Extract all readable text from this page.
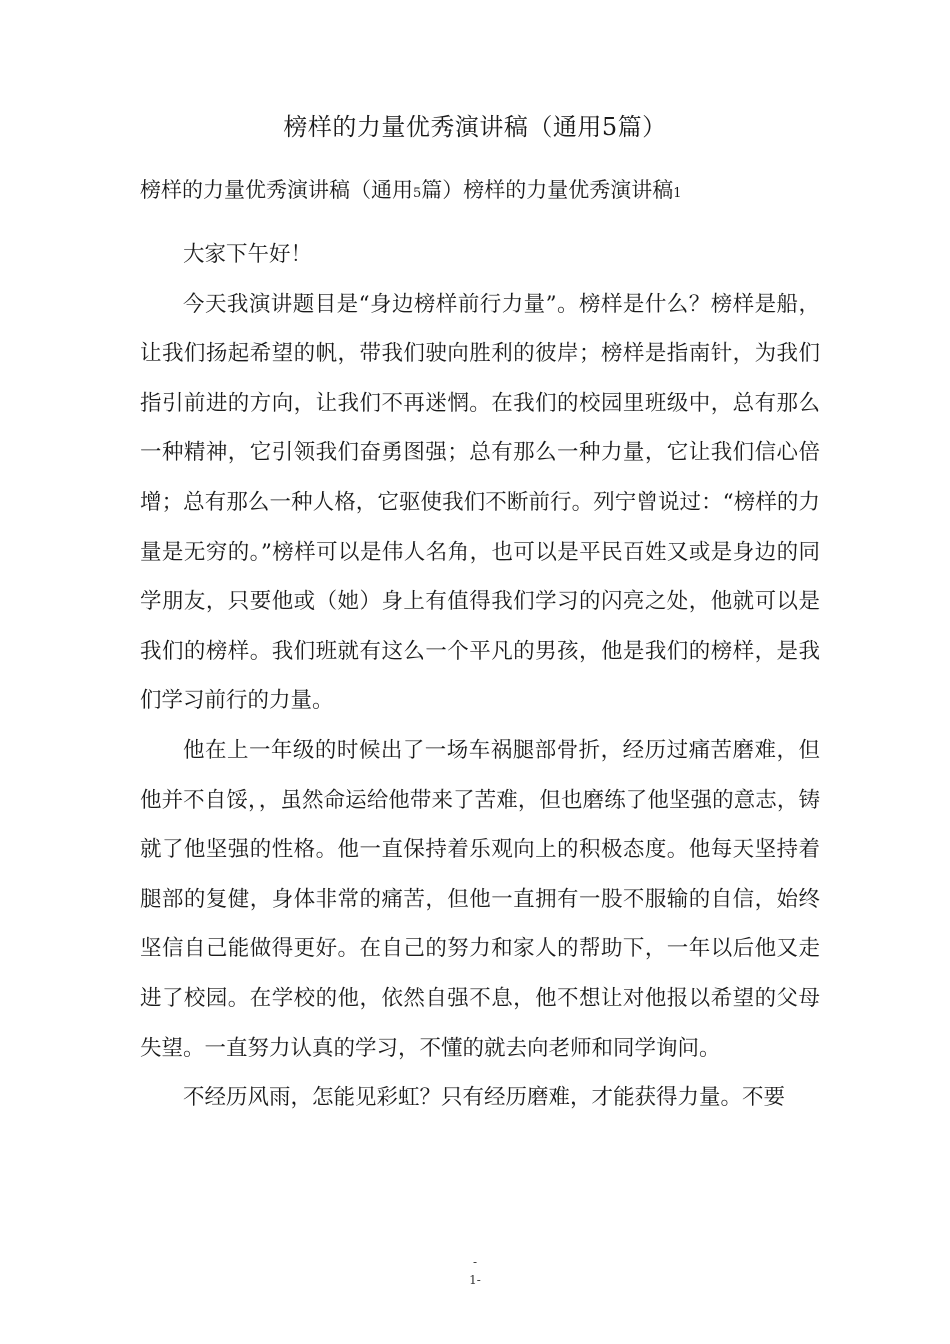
榜样的力量优秀演讲稿（通用5篇）
榜样的力量优秀演讲稿（通用5篇）榜样的力量优秀演讲稿1

大家下午好！

今天我演讲题目是“身边榜样前行力量”。榜样是什么？榜样是船，让我们扬起希望的帆，带我们驶向胜利的彼岸；榜样是指南针，为我们指引前进的方向，让我们不再迷惘。在我们的校园里班级中，总有那么一种精神，它引领我们奋勇图强；总有那么一种力量，它让我们信心倍增；总有那么一种人格，它驱使我们不断前行。列宁曾说过：“榜样的力量是无穷的。”榜样可以是伟人名角，也可以是平民百姓又或是身边的同学朋友，只要他或（她）身上有值得我们学习的闪亮之处，他就可以是我们的榜样。我们班就有这么一个平凡的男孩，他是我们的榜样，是我们学习前行的力量。

他在上一年级的时候出了一场车祸腿部骨折，经历过痛苦磨难，但他并不自馁，，虽然命运给他带来了苦难，但也磨练了他坚强的意志，铸就了他坚强的性格。他一直保持着乐观向上的积极态度。他每天坚持着腿部的复健，身体非常的痛苦，但他一直拥有一股不服输的自信，始终坚信自己能做得更好。在自己的努力和家人的帮助下，一年以后他又走进了校园。在学校的他，依然自强不息，他不想让对他报以希望的父母失望。一直努力认真的学习，不懂的就去向老师和同学询问。

不经历风雨，怎能见彩虹？只有经历磨难，才能获得力量。不要

-
1-
